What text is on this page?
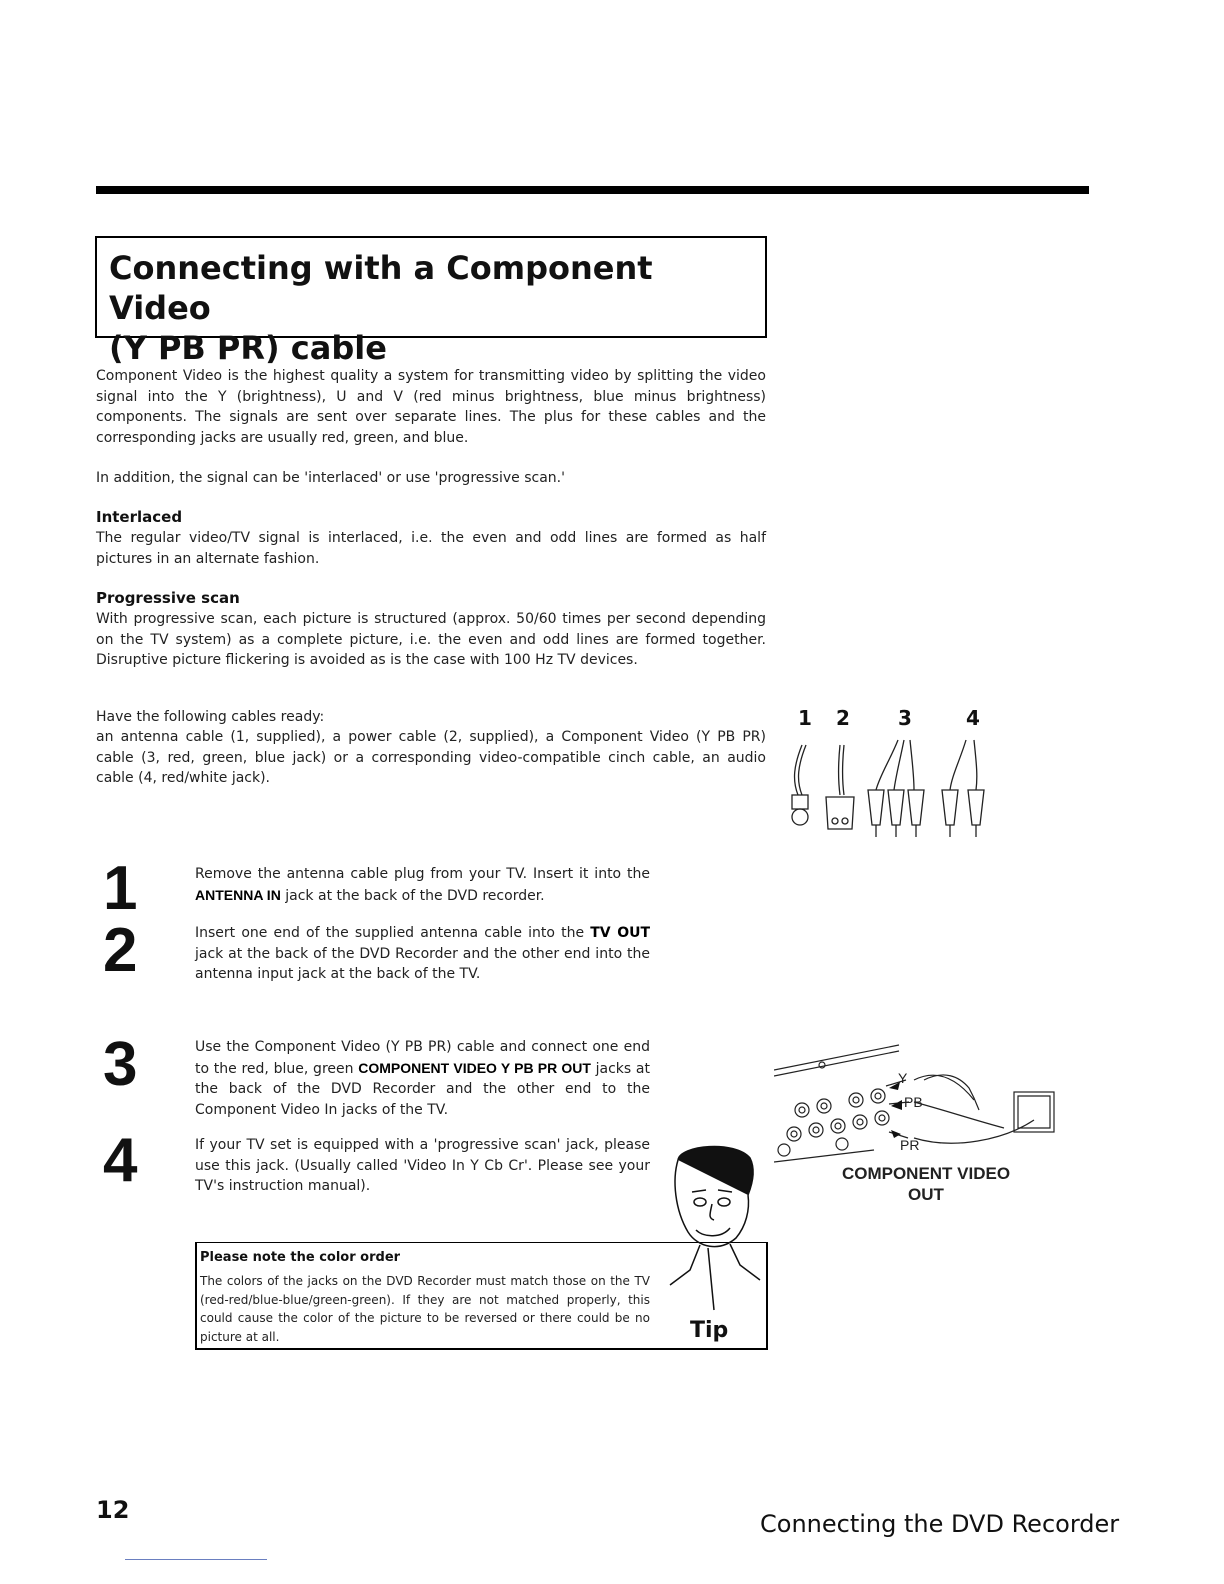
Connecting with a Component Video
(Y PB PR) cable
Component Video is the highest quality a system for transmitting video by splitting the video signal into the Y (brightness), U and V (red minus brightness, blue minus brightness) components. The signals are sent over separate lines. The plus for these cables and the corresponding jacks are usually red, green, and blue.
In addition, the signal can be 'interlaced' or use 'progressive scan.'
Interlaced
The regular video/TV signal is interlaced, i.e. the even and odd lines are formed as half pictures in an alternate fashion.
Progressive scan
With progressive scan, each picture is structured (approx. 50/60 times per second depending on the TV system) as a complete picture, i.e. the even and odd lines are formed together. Disruptive picture flickering is avoided as is the case with 100 Hz TV devices.
Have the following cables ready:
an antenna cable (1, supplied), a power cable (2, supplied), a Component Video (Y PB PR) cable (3, red, green, blue jack) or a corresponding video-compatible cinch cable, an audio cable (4, red/white jack).
1 2 3	4
1	Remove the antenna cable plug from your TV. Insert it into the ANTENNA IN jack at the back of the DVD recorder.
2	Insert one end of the supplied antenna cable into the TV OUT jack at the back of the DVD Recorder and the other end into the antenna input jack at the back of the TV.
3	Use the Component Video (Y PB PR) cable and connect one end to the red, blue, green COMPONENT VIDEO Y PB PR OUT jacks at the back of the DVD Recorder and the other end to the Component Video In jacks of the TV.
4	If your TV set is equipped with a 'progressive scan' jack, please use this jack. (Usually called 'Video In Y Cb Cr'. Please see your TV's instruction manual).
Please note the color order
The colors of the jacks on the DVD Recorder must match those on the TV (red-red/blue-blue/green-green). If they are not matched properly, this could cause the color of the picture to be reversed or there could be no picture at all.	Tip
Y
PB
PR
COMPONENT VIDEO
OUT
12	Connecting the DVD Recorder
